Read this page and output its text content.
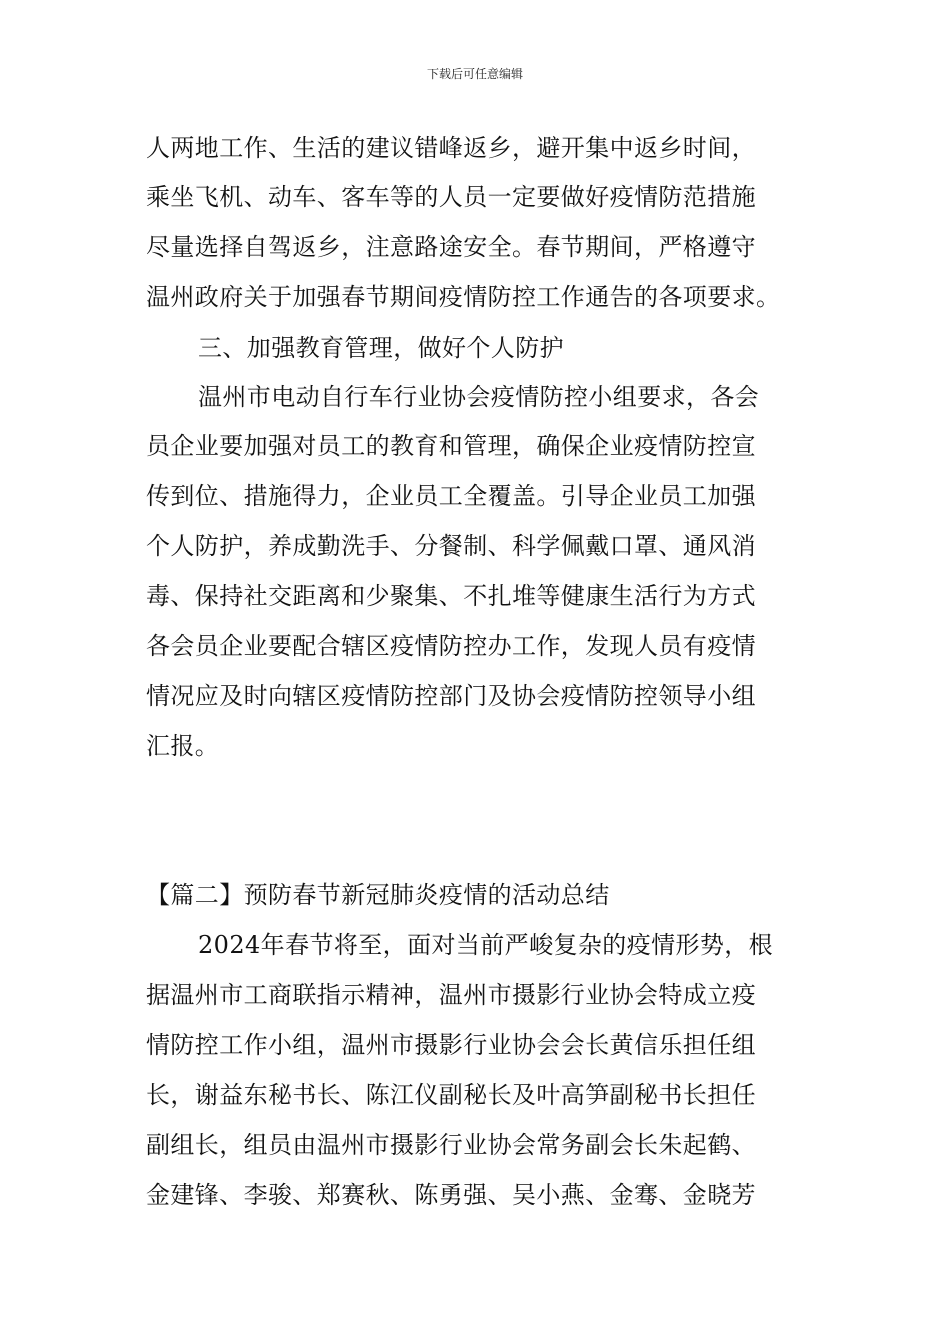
下载后可任意编辑
人两地工作、生活的建议错峰返乡，避开集中返乡时间，
乘坐飞机、动车、客车等的人员一定要做好疫情防范措施
尽量选择自驾返乡，注意路途安全。春节期间，严格遵守
温州政府关于加强春节期间疫情防控工作通告的各项要求。
三、加强教育管理，做好个人防护
温州市电动自行车行业协会疫情防控小组要求，各会
员企业要加强对员工的教育和管理，确保企业疫情防控宣
传到位、措施得力，企业员工全覆盖。引导企业员工加强
个人防护，养成勤洗手、分餐制、科学佩戴口罩、通风消
毒、保持社交距离和少聚集、不扎堆等健康生活行为方式
各会员企业要配合辖区疫情防控办工作，发现人员有疫情
情况应及时向辖区疫情防控部门及协会疫情防控领导小组
汇报。
【篇二】预防春节新冠肺炎疫情的活动总结
2024年春节将至，面对当前严峻复杂的疫情形势，根
据温州市工商联指示精神，温州市摄影行业协会特成立疫
情防控工作小组，温州市摄影行业协会会长黄信乐担任组
长，谢益东秘书长、陈江仪副秘长及叶高笋副秘书长担任
副组长，组员由温州市摄影行业协会常务副会长朱起鹤、
金建锋、李骏、郑赛秋、陈勇强、吴小燕、金骞、金晓芳
